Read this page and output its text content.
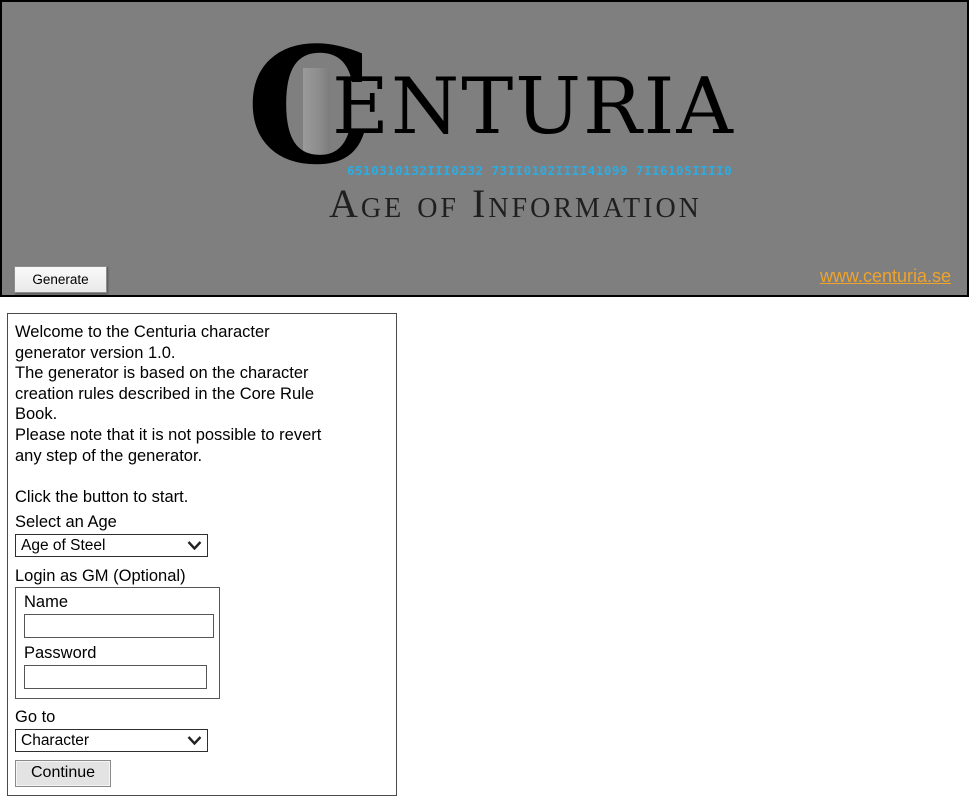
C
ENTURIA
6510310132III0232 73II0102IIII41099 7II6105IIII0
Age of Information
Generate	www.centuria.se
Welcome to the Centuria character
generator version 1.0.
The generator is based on the character
creation rules described in the Core Rule
Book.
Please note that it is not possible to revert
any step of the generator.
Click the button to start.
Select an Age
Age of Steel
Login as GM (Optional)
Name
Password
Go to
Character
Continue
